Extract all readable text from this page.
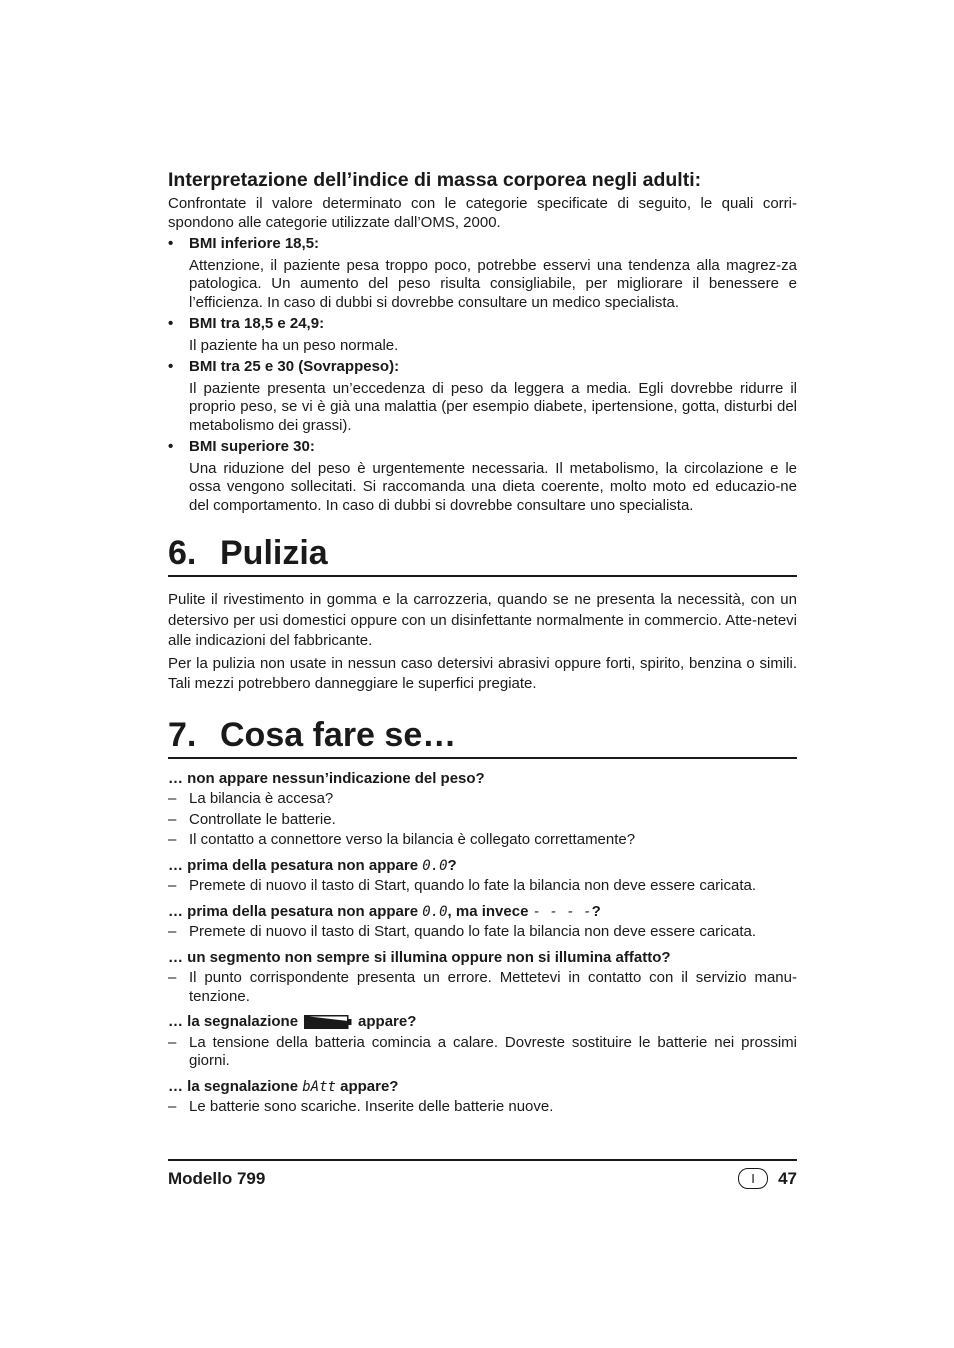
Interpretazione dell’indice di massa corporea negli adulti:

Confrontate il valore determinato con le categorie specificate di seguito, le quali corri-spondono alle categorie utilizzate dall’OMS, 2000.

• BMI inferiore 18,5:
Attenzione, il paziente pesa troppo poco, potrebbe esservi una tendenza alla magrez-za patologica. Un aumento del peso risulta consigliabile, per migliorare il benessere e l’efficienza. In caso di dubbi si dovrebbe consultare un medico specialista.
• BMI tra 18,5 e 24,9:
Il paziente ha un peso normale.
• BMI tra 25 e 30 (Sovrappeso):
Il paziente presenta un’eccedenza di peso da leggera a media. Egli dovrebbe ridurre il proprio peso, se vi è già una malattia (per esempio diabete, ipertensione, gotta, disturbi del metabolismo dei grassi).
• BMI superiore 30:
Una riduzione del peso è urgentemente necessaria. Il metabolismo, la circolazione e le ossa vengono sollecitati. Si raccomanda una dieta coerente, molto moto ed educazio-ne del comportamento. In caso di dubbi si dovrebbe consultare uno specialista.
6. Pulizia

Pulite il rivestimento in gomma e la carrozzeria, quando se ne presenta la necessità, con un detersivo per usi domestici oppure con un disinfettante normalmente in commercio. Atte-netevi alle indicazioni del fabbricante.

Per la pulizia non usate in nessun caso detersivi abrasivi oppure forti, spirito, benzina o simili. Tali mezzi potrebbero danneggiare le superfici pregiate.

7. Cosa fare se…
… non appare nessun’indicazione del peso?
– La bilancia è accesa?
– Controllate le batterie.
– Il contatto a connettore verso la bilancia è collegato correttamente?
… prima della pesatura non appare 0.0?
– Premete di nuovo il tasto di Start, quando lo fate la bilancia non deve essere caricata.
… prima della pesatura non appare 0.0, ma invece - - - -?
– Premete di nuovo il tasto di Start, quando lo fate la bilancia non deve essere caricata.
… un segmento non sempre si illumina oppure non si illumina affatto?
– Il punto corrispondente presenta un errore. Mettetevi in contatto con il servizio manu-tenzione.
… la segnalazione	appare?
– La tensione della batteria comincia a calare. Dovreste sostituire le batterie nei prossimi giorni.
… la segnalazione bAtt appare?
– Le batterie sono scariche. Inserite delle batterie nuove.
Modello 799	I	47
